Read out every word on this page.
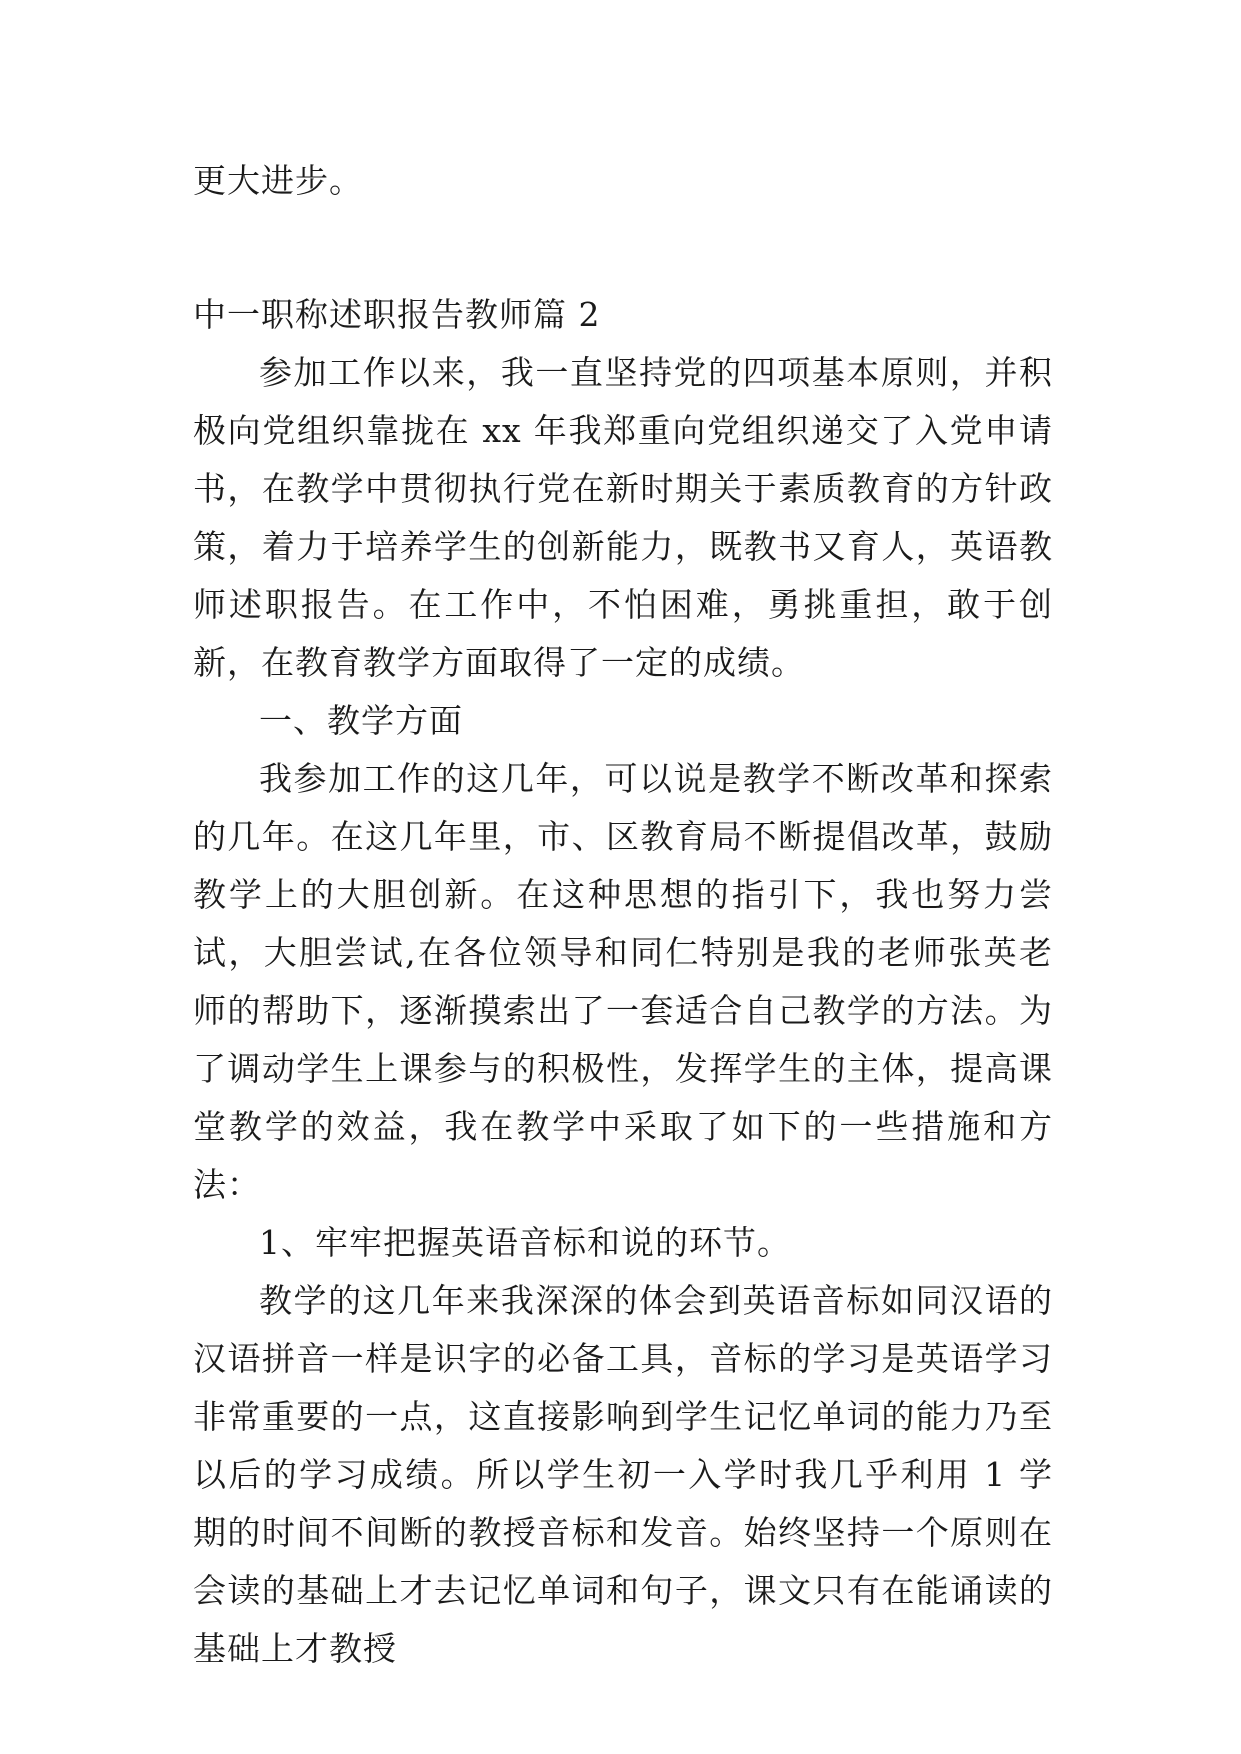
更大进步。

中一职称述职报告教师篇 2

参加工作以来，我一直坚持党的四项基本原则，并积极向党组织靠拢在 xx 年我郑重向党组织递交了入党申请书，在教学中贯彻执行党在新时期关于素质教育的方针政策，着力于培养学生的创新能力，既教书又育人，英语教师述职报告。在工作中，不怕困难，勇挑重担，敢于创新，在教育教学方面取得了一定的成绩。

一、教学方面

我参加工作的这几年，可以说是教学不断改革和探索的几年。在这几年里，市、区教育局不断提倡改革，鼓励教学上的大胆创新。在这种思想的指引下，我也努力尝试，大胆尝试,在各位领导和同仁特别是我的老师张英老师的帮助下，逐渐摸索出了一套适合自己教学的方法。为了调动学生上课参与的积极性，发挥学生的主体，提高课堂教学的效益，我在教学中采取了如下的一些措施和方法：

1、牢牢把握英语音标和说的环节。

教学的这几年来我深深的体会到英语音标如同汉语的汉语拼音一样是识字的必备工具，音标的学习是英语学习非常重要的一点，这直接影响到学生记忆单词的能力乃至以后的学习成绩。所以学生初一入学时我几乎利用 1 学期的时间不间断的教授音标和发音。始终坚持一个原则在会读的基础上才去记忆单词和句子，课文只有在能诵读的基础上才教授
